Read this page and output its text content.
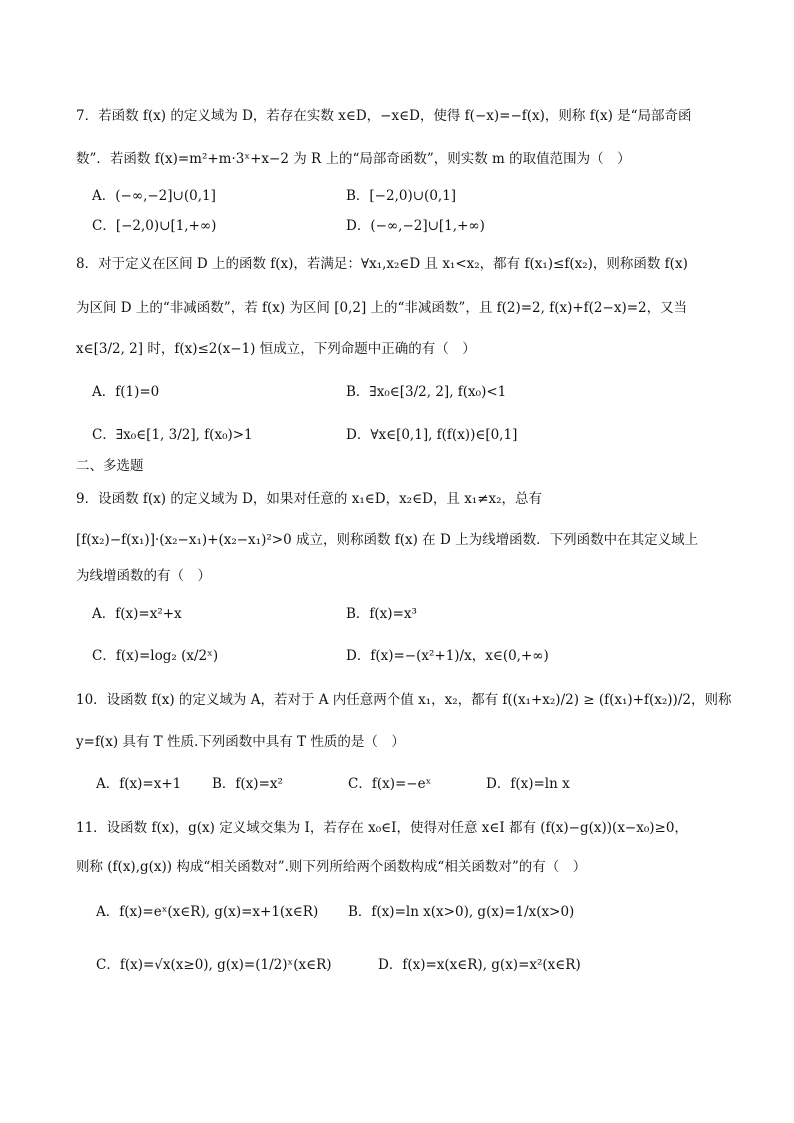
7．若函数 f(x) 的定义域为 D，若存在实数 x∈D，−x∈D，使得 f(−x)=−f(x)，则称 f(x) 是“局部奇函
数”．若函数 f(x)=m²+m·3ˣ+x−2 为 R 上的“局部奇函数”，则实数 m 的取值范围为（　）
A．(−∞,−2]∪(0,1]	B．[−2,0)∪(0,1]
C．[−2,0)∪[1,+∞)	D．(−∞,−2]∪[1,+∞)
8．对于定义在区间 D 上的函数 f(x)，若满足：∀x₁,x₂∈D 且 x₁<x₂，都有 f(x₁)≤f(x₂)，则称函数 f(x)
为区间 D 上的“非减函数”，若 f(x) 为区间 [0,2] 上的“非减函数”，且 f(2)=2, f(x)+f(2−x)=2，又当
x∈[3/2, 2] 时，f(x)≤2(x−1) 恒成立，下列命题中正确的有（　）
A．f(1)=0	B．∃x₀∈[3/2, 2], f(x₀)<1
C．∃x₀∈[1, 3/2], f(x₀)>1	D．∀x∈[0,1], f(f(x))∈[0,1]
二、多选题
9．设函数 f(x) 的定义域为 D，如果对任意的 x₁∈D，x₂∈D，且 x₁≠x₂，总有
[f(x₂)−f(x₁)]·(x₂−x₁)+(x₂−x₁)²>0 成立，则称函数 f(x) 在 D 上为线增函数．下列函数中在其定义域上
为线增函数的有（　）
A．f(x)=x²+x	B．f(x)=x³
C．f(x)=log₂ (x/2ˣ)	D．f(x)=−(x²+1)/x，x∈(0,+∞)
10．设函数 f(x) 的定义域为 A，若对于 A 内任意两个值 x₁，x₂，都有 f((x₁+x₂)/2) ≥ (f(x₁)+f(x₂))/2，则称
y=f(x) 具有 T 性质.下列函数中具有 T 性质的是（　）
A．f(x)=x+1 B．f(x)=x²	C．f(x)=−eˣ	D．f(x)=ln x
11．设函数 f(x)，g(x) 定义域交集为 I，若存在 x₀∈I，使得对任意 x∈I 都有 (f(x)−g(x))(x−x₀)≥0，
则称 (f(x),g(x)) 构成“相关函数对”.则下列所给两个函数构成“相关函数对”的有（　）
A．f(x)=eˣ(x∈R), g(x)=x+1(x∈R) B．f(x)=ln x(x>0), g(x)=1/x(x>0)
C．f(x)=√x(x≥0), g(x)=(1/2)ˣ(x∈R)	D．f(x)=x(x∈R), g(x)=x²(x∈R)
